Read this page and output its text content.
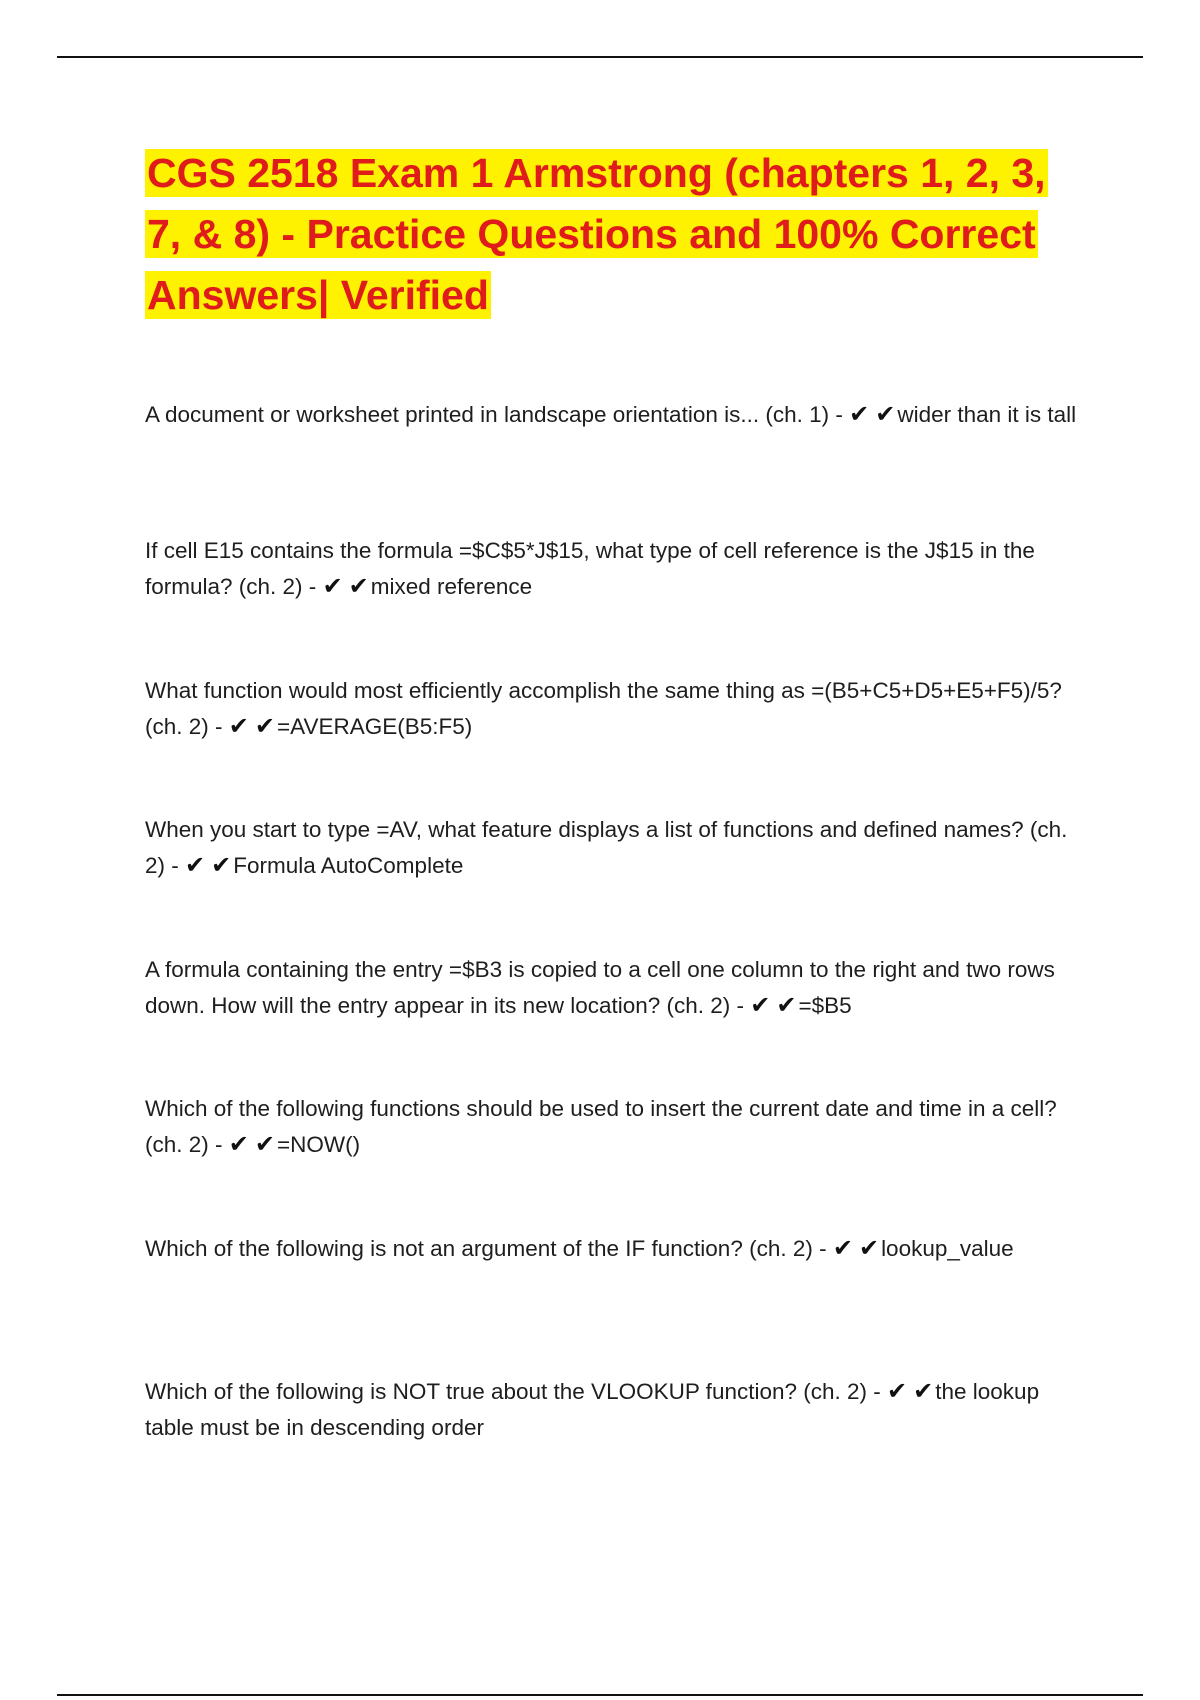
CGS 2518 Exam 1 Armstrong (chapters 1, 2, 3, 7, & 8) - Practice Questions and 100% Correct Answers| Verified

A document or worksheet printed in landscape orientation is... (ch. 1) - ✔ ✔wider than it is tall

If cell E15 contains the formula =$C$5*J$15, what type of cell reference is the J$15 in the formula? (ch. 2) - ✔ ✔mixed reference

What function would most efficiently accomplish the same thing as =(B5+C5+D5+E5+F5)/5? (ch. 2) - ✔ ✔=AVERAGE(B5:F5)

When you start to type =AV, what feature displays a list of functions and defined names? (ch. 2) - ✔ ✔Formula AutoComplete

A formula containing the entry =$B3 is copied to a cell one column to the right and two rows down. How will the entry appear in its new location? (ch. 2) - ✔ ✔=$B5

Which of the following functions should be used to insert the current date and time in a cell? (ch. 2) - ✔ ✔=NOW()

Which of the following is not an argument of the IF function? (ch. 2) - ✔ ✔lookup_value

Which of the following is NOT true about the VLOOKUP function? (ch. 2) - ✔ ✔the lookup table must be in descending order
